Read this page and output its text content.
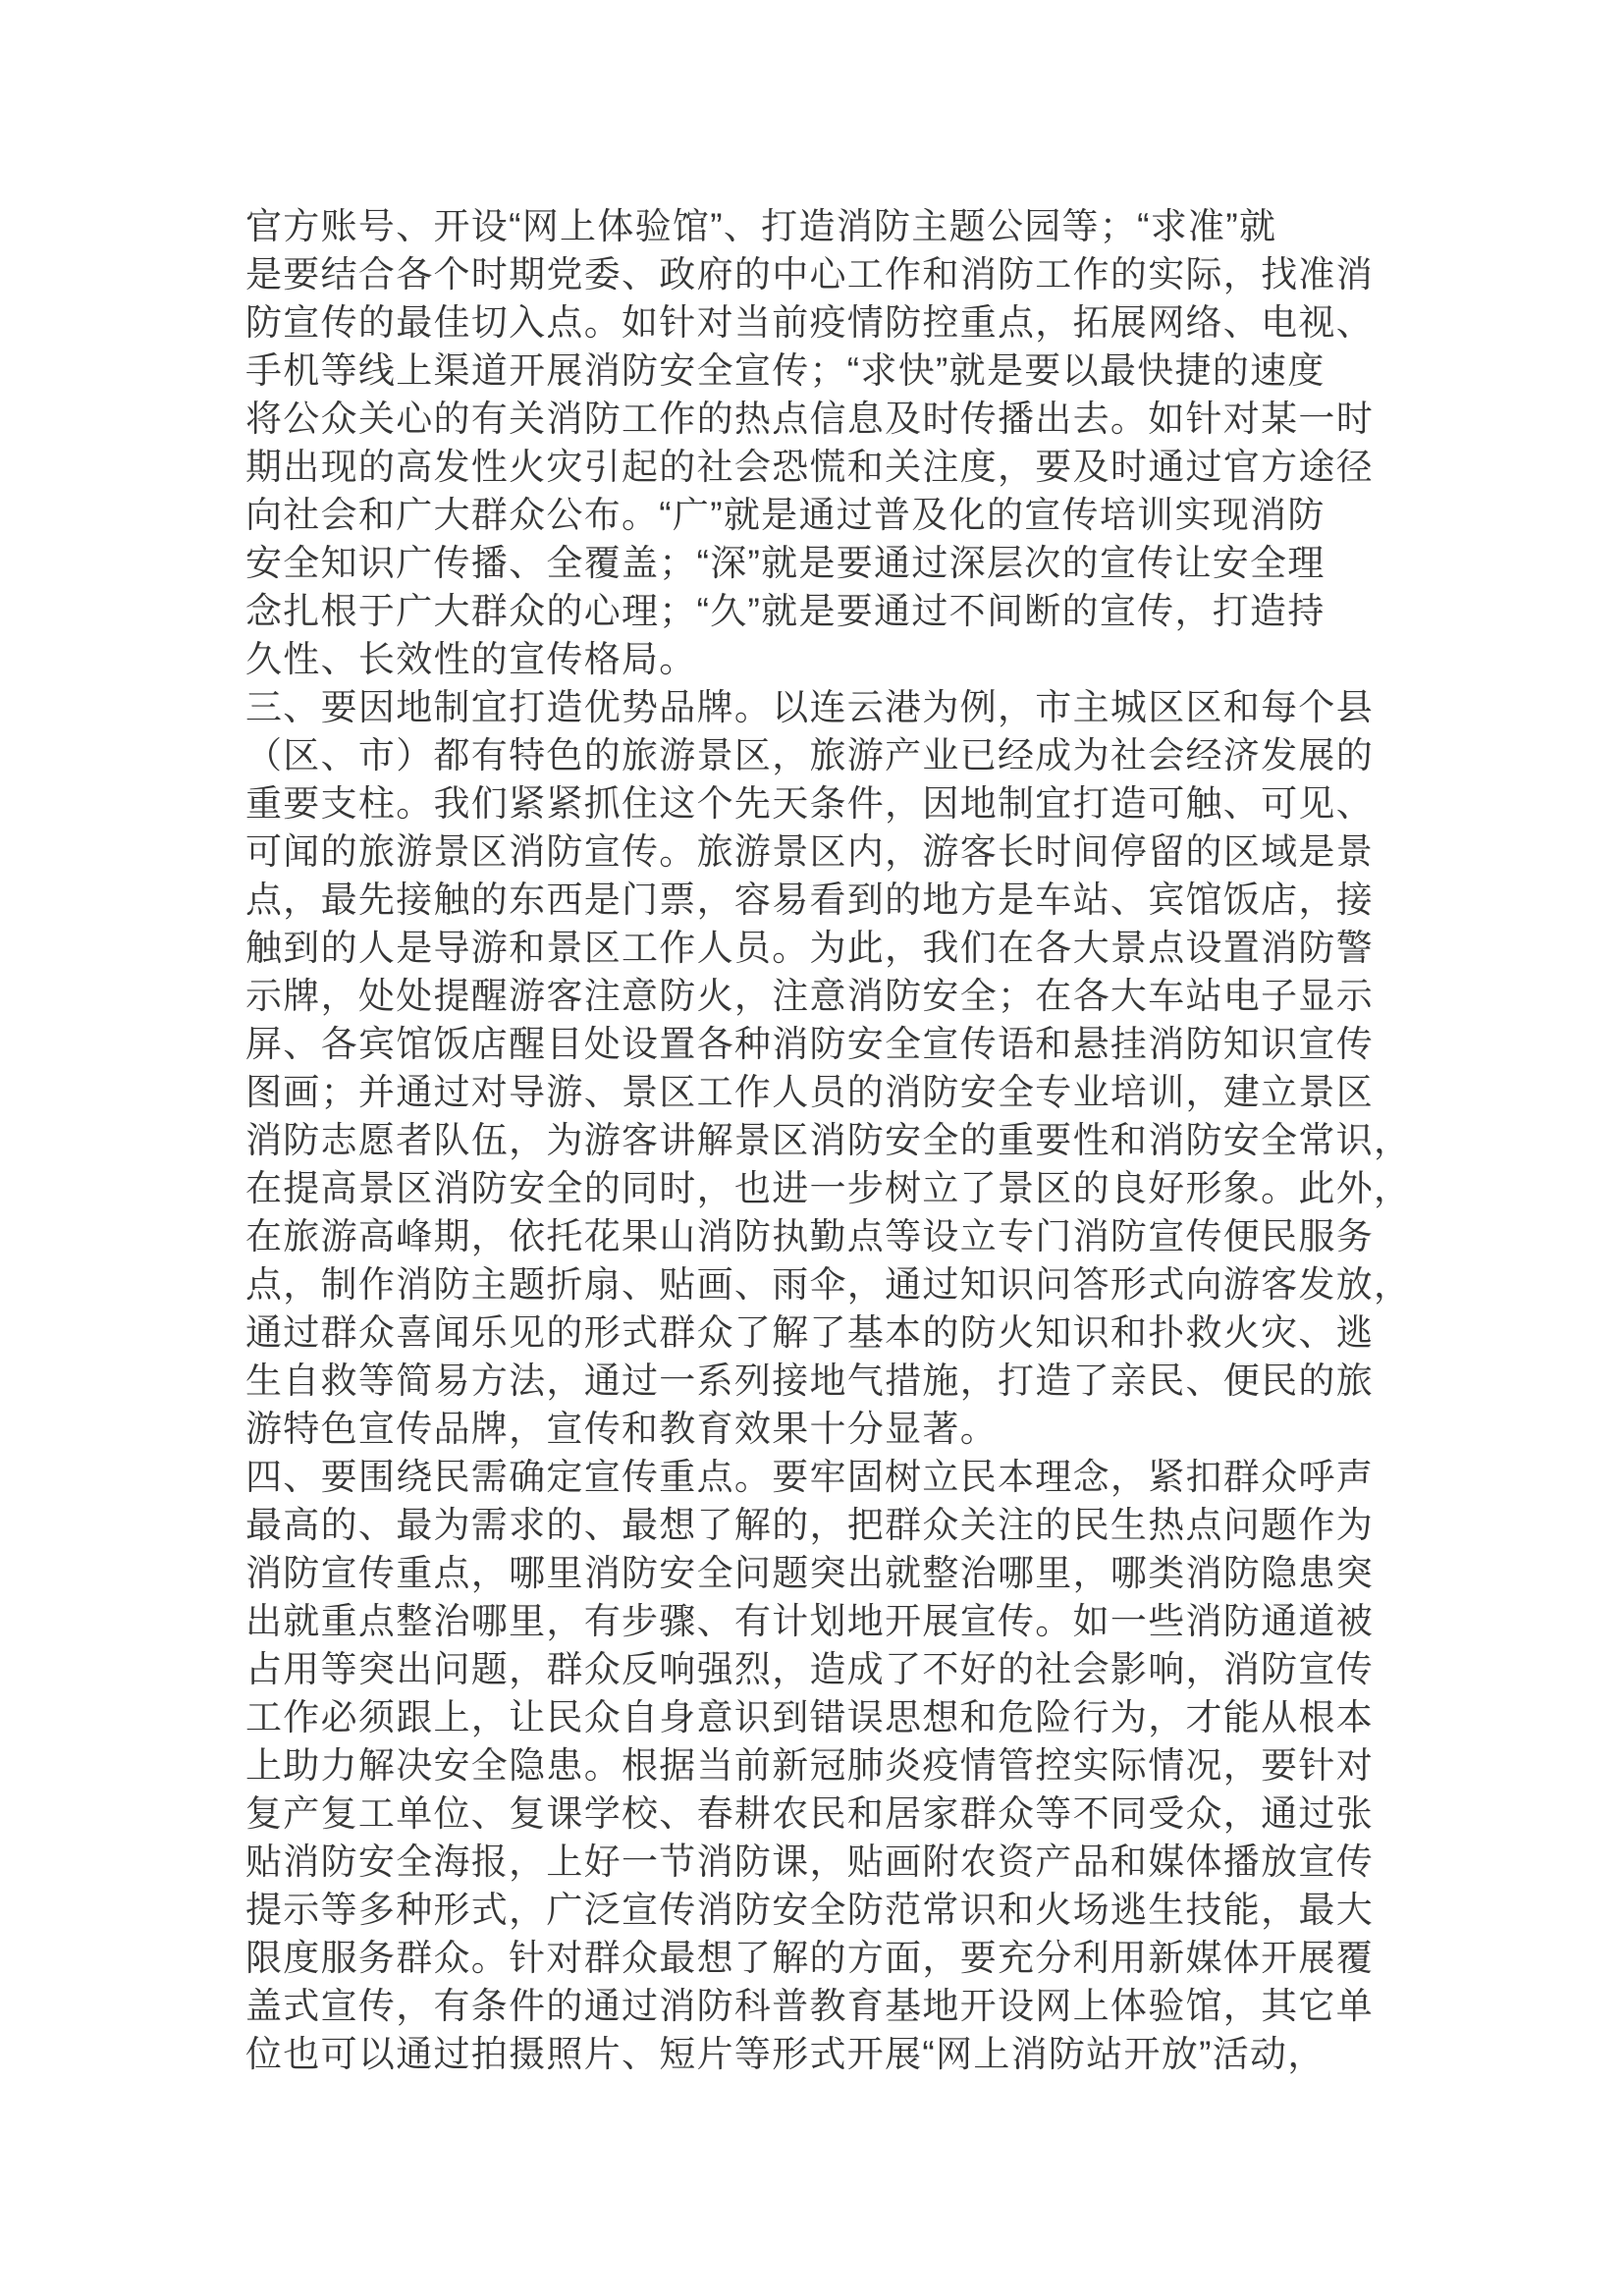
官方账号、开设“网上体验馆”、打造消防主题公园等；“求准”就
是要结合各个时期党委、政府的中心工作和消防工作的实际，找准消
防宣传的最佳切入点。如针对当前疫情防控重点，拓展网络、电视、
手机等线上渠道开展消防安全宣传；“求快”就是要以最快捷的速度
将公众关心的有关消防工作的热点信息及时传播出去。如针对某一时
期出现的高发性火灾引起的社会恐慌和关注度，要及时通过官方途径
向社会和广大群众公布。“广”就是通过普及化的宣传培训实现消防
安全知识广传播、全覆盖；“深”就是要通过深层次的宣传让安全理
念扎根于广大群众的心理；“久”就是要通过不间断的宣传，打造持
久性、长效性的宣传格局。
三、要因地制宜打造优势品牌。以连云港为例，市主城区区和每个县
（区、市）都有特色的旅游景区，旅游产业已经成为社会经济发展的
重要支柱。我们紧紧抓住这个先天条件，因地制宜打造可触、可见、
可闻的旅游景区消防宣传。旅游景区内，游客长时间停留的区域是景
点，最先接触的东西是门票，容易看到的地方是车站、宾馆饭店，接
触到的人是导游和景区工作人员。为此，我们在各大景点设置消防警
示牌，处处提醒游客注意防火，注意消防安全；在各大车站电子显示
屏、各宾馆饭店醒目处设置各种消防安全宣传语和悬挂消防知识宣传
图画；并通过对导游、景区工作人员的消防安全专业培训，建立景区
消防志愿者队伍，为游客讲解景区消防安全的重要性和消防安全常识，
在提高景区消防安全的同时，也进一步树立了景区的良好形象。此外，
在旅游高峰期，依托花果山消防执勤点等设立专门消防宣传便民服务
点，制作消防主题折扇、贴画、雨伞，通过知识问答形式向游客发放，
通过群众喜闻乐见的形式群众了解了基本的防火知识和扑救火灾、逃
生自救等简易方法，通过一系列接地气措施，打造了亲民、便民的旅
游特色宣传品牌，宣传和教育效果十分显著。
四、要围绕民需确定宣传重点。要牢固树立民本理念，紧扣群众呼声
最高的、最为需求的、最想了解的，把群众关注的民生热点问题作为
消防宣传重点，哪里消防安全问题突出就整治哪里，哪类消防隐患突
出就重点整治哪里，有步骤、有计划地开展宣传。如一些消防通道被
占用等突出问题，群众反响强烈，造成了不好的社会影响，消防宣传
工作必须跟上，让民众自身意识到错误思想和危险行为，才能从根本
上助力解决安全隐患。根据当前新冠肺炎疫情管控实际情况，要针对
复产复工单位、复课学校、春耕农民和居家群众等不同受众，通过张
贴消防安全海报，上好一节消防课，贴画附农资产品和媒体播放宣传
提示等多种形式，广泛宣传消防安全防范常识和火场逃生技能，最大
限度服务群众。针对群众最想了解的方面，要充分利用新媒体开展覆
盖式宣传，有条件的通过消防科普教育基地开设网上体验馆，其它单
位也可以通过拍摄照片、短片等形式开展“网上消防站开放”活动，
